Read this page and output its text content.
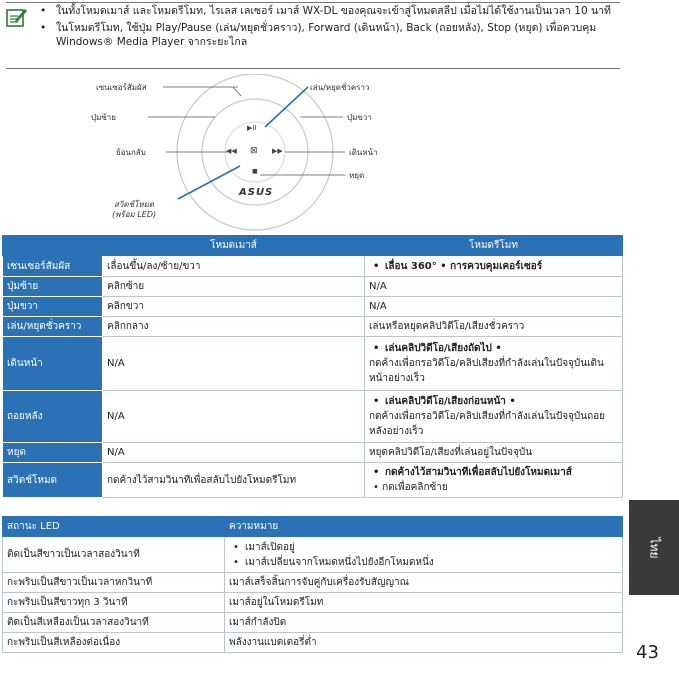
• ในทั้งโหมดเมาส์ และโหมดรีโมท, ไรเลส เลเซอร์ เมาส์ WX-DL ของคุณจะเข้าสู่โหมดสลีป เมื่อไม่ได้ใช้งานเป็นเวลา 10 นาที
• ในโหมดรีโมท, ใช้ปุ่ม Play/Pause (เล่น/หยุดชั่วคราว), Forward (เดินหน้า), Back (ถอยหลัง), Stop (หยุด) เพื่อควบคุม Windows® Media Player จากระยะไกล
เซนเซอร์สัมผัส
ปุ่มซ้าย
ย้อนกลับ
สวิตช์โหมด
(พร้อม LED)
เล่น/หยุดชั่วคราว
ปุ่มขวา
เดินหน้า
หยุด
▶II
◀◀ ⊠ ▶▶
■
ASUS
	โหมดเมาส์	โหมดรีโมท
เซนเซอร์สัมผัส	เลื่อนขึ้น/ลง/ซ้าย/ขวา	• เลื่อน 360° • การควบคุมเคอร์เซอร์

ปุ่มซ้าย	คลิกซ้าย	N/A
ปุ่มขวา	คลิกขวา	N/A
เล่น/หยุดชั่วคราว	คลิกกลาง	เล่นหรือหยุดคลิปวิดีโอ/เสียงชั่วคราว
เดินหน้า	N/A	• เล่นคลิปวิดีโอ/เสียงถัดไป •
กดค้างเพื่อกรอวิดีโอ/คลิปเสียงที่กำลังเล่นในปัจจุบันเดินหน้าอย่างเร็ว
ถอยหลัง	N/A	• เล่นคลิปวิดีโอ/เสียงก่อนหน้า •
กดค้างเพื่อกรอวิดีโอ/คลิปเสียงที่กำลังเล่นในปัจจุบันถอยหลังอย่างเร็ว
หยุด	N/A	หยุดคลิปวิดีโอ/เสียงที่เล่นอยู่ในปัจจุบัน
สวิตช์โหมด	กดค้างไว้สามวินาทีเพื่อสลับไปยังโหมดรีโมท	• กดค้างไว้สามวินาทีเพื่อสลับไปยังโหมดเมาส์
• กดเพื่อคลิกซ้าย
สถานะ LED	ความหมาย
ติดเป็นสีขาวเป็นเวลาสองวินาที	• เมาส์เปิดอยู่
• เมาส์เปลี่ยนจากโหมดหนึ่งไปยังอีกโหมดหนึ่ง

กะพริบเป็นสีขาวเป็นเวลาหกวินาที	เมาส์เสร็จสิ้นการจับคู่กับเครื่องรับสัญญาณ
กะพริบเป็นสีขาวทุก 3 วินาที	เมาส์อยู่ในโหมดรีโมท
ติดเป็นสีเหลืองเป็นเวลาสองวินาที	เมาส์กำลังปิด
กะพริบเป็นสีเหลืองต่อเนื่อง	พลังงานแบตเตอรี่ต่ำ
ไทย
43
